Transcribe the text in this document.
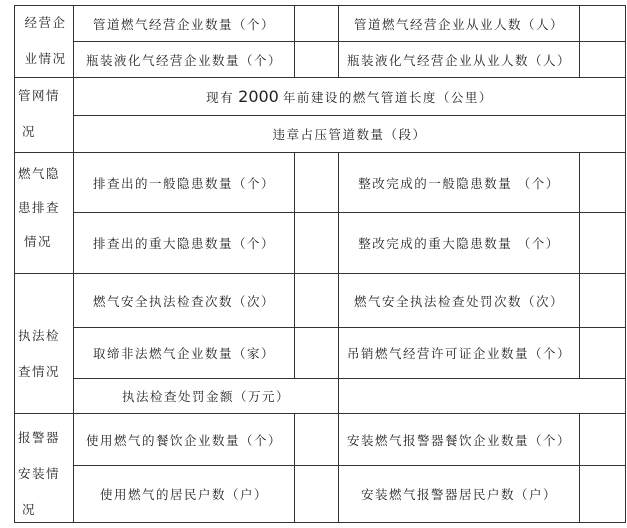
经营企
业情况
管道燃气经营企业数量（个）	管道燃气经营企业从业人数（人）
瓶装液化气经营企业数量（个）	瓶装液化气经营企业从业人数（人）
管网情
况
现有 2000 年前建设的燃气管道长度（公里）
违章占压管道数量（段）
燃气隐
患排查
情况
排查出的一般隐患数量（个）	整改完成的一般隐患数量 （个）
排查出的重大隐患数量（个）	整改完成的重大隐患数量 （个）
执法检
查情况
燃气安全执法检查次数（次）	燃气安全执法检查处罚次数（次）
取缔非法燃气企业数量（家）	吊销燃气经营许可证企业数量（个）
执法检查处罚金额（万元）
报警器
安装情
况
使用燃气的餐饮企业数量（个）	安装燃气报警器餐饮企业数量（个）
使用燃气的居民户数（户）	安装燃气报警器居民户数（户）
